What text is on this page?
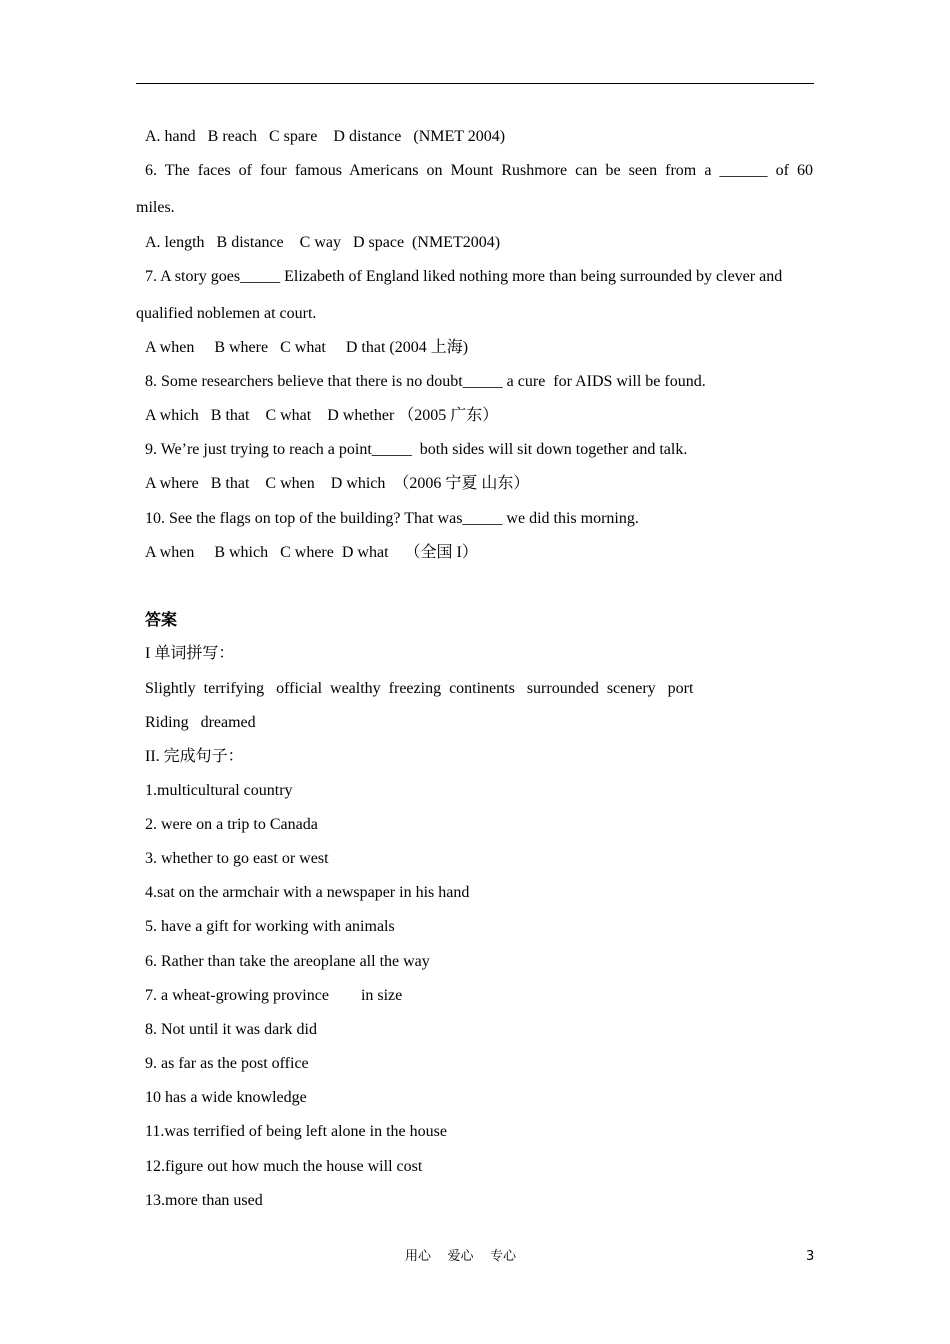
A. hand   B reach   C spare    D distance   (NMET 2004)
6. The faces of four famous Americans on Mount Rushmore can be seen from a ______ of 60
miles.
A. length   B distance    C way   D space  (NMET2004)
7. A story goes_____ Elizabeth of England liked nothing more than being surrounded by clever and
qualified noblemen at court.
A when     B where   C what     D that (2004 上海)
8. Some researchers believe that there is no doubt_____ a cure  for AIDS will be found.
A which   B that    C what    D whether （2005 广东）
9. We’re just trying to reach a point_____  both sides will sit down together and talk.
A where   B that    C when    D which  （2006 宁夏 山东）
10. See the flags on top of the building? That was_____ we did this morning.
A when     B which   C where  D what    （全国 I）
答案
I 单词拼写：
Slightly  terrifying   official  wealthy  freezing  continents   surrounded  scenery   port
Riding   dreamed
II. 完成句子：
1.multicultural country
2. were on a trip to Canada
3. whether to go east or west
4.sat on the armchair with a newspaper in his hand
5. have a gift for working with animals
6. Rather than take the areoplane all the way
7. a wheat-growing province        in size
8. Not until it was dark did
9. as far as the post office
10 has a wide knowledge
11.was terrified of being left alone in the house
12.figure out how much the house will cost
13.more than used
用心    爱心    专心	3
